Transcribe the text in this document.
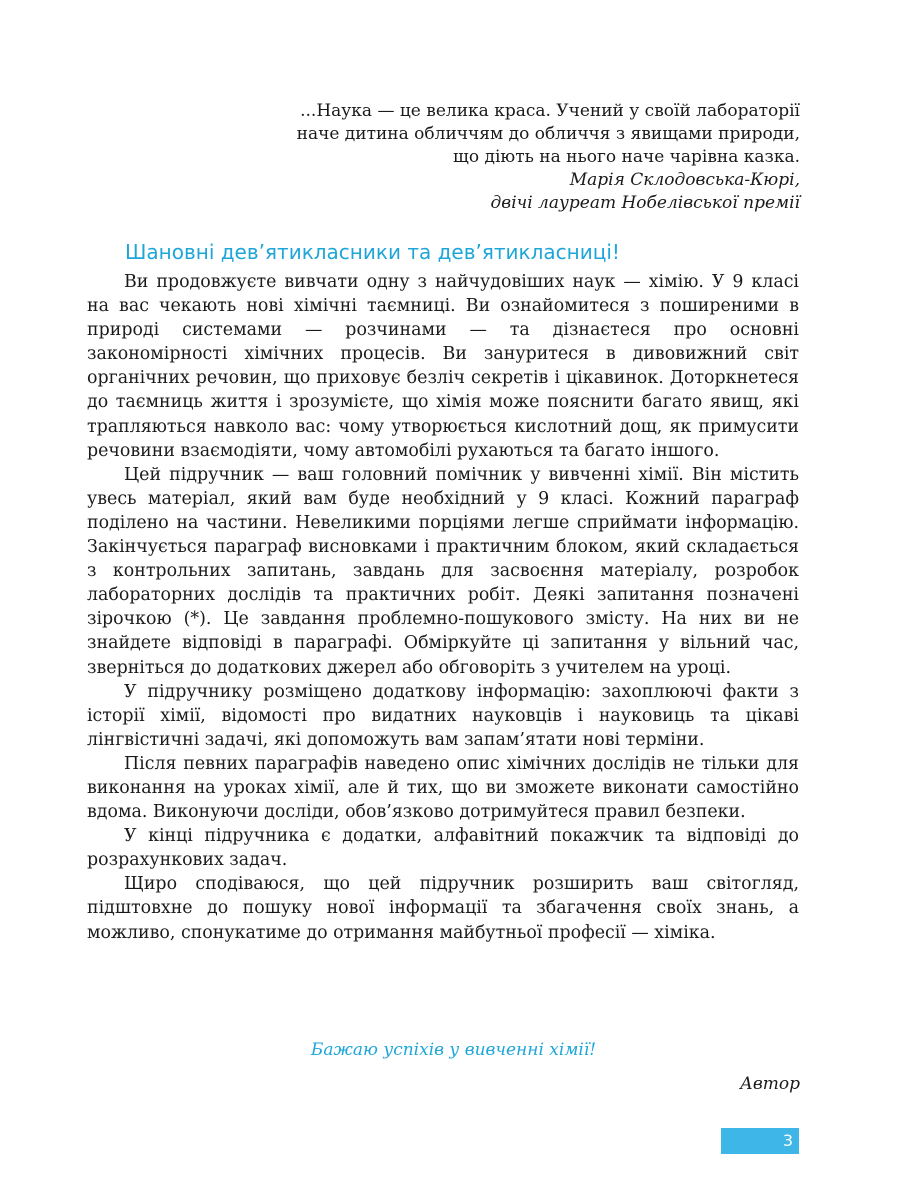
...Наука — це велика краса. Учений у своїй лабораторії
наче дитина обличчям до обличчя з явищами природи,
що діють на нього наче чарівна казка.
Марія Склодовська-Кюрі,
двічі лауреат Нобелівської премії
Шановні дев’ятикласники та дев’ятикласниці!

Ви продовжуєте вивчати одну з найчудовіших наук — хімію. У 9 класі на вас чекають нові хімічні таємниці. Ви ознайомитеся з поширеними в природі системами — розчинами — та дізнаєтеся про основні закономірності хімічних процесів. Ви зануритеся в дивовижний світ органічних речовин, що приховує безліч секретів і цікавинок. Доторкнетеся до таємниць життя і зрозумієте, що хімія може пояснити багато явищ, які трапляються навколо вас: чому утворюється кислотний дощ, як примусити речовини взаємодіяти, чому автомобілі рухаються та багато іншого.

Цей підручник — ваш головний помічник у вивченні хімії. Він містить увесь матеріал, який вам буде необхідний у 9 класі. Кожний параграф поділено на частини. Невеликими порціями легше сприймати інформацію. Закінчується параграф висновками і практичним блоком, який складається з контрольних запитань, завдань для засвоєння матеріалу, розробок лабораторних дослідів та практичних робіт. Деякі запитання позначені зірочкою (*). Це завдання проблемно-пошукового змісту. На них ви не знайдете відповіді в параграфі. Обміркуйте ці запитання у вільний час, зверніться до додаткових джерел або обговоріть з учителем на уроці.

У підручнику розміщено додаткову інформацію: захоплюючі факти з історії хімії, відомості про видатних науковців і науковиць та цікаві лінгвістичні задачі, які допоможуть вам запам’ятати нові терміни.

Після певних параграфів наведено опис хімічних дослідів не тільки для виконання на уроках хімії, але й тих, що ви зможете виконати самостійно вдома. Виконуючи досліди, обов’язково дотримуйтеся правил безпеки.

У кінці підручника є додатки, алфавітний покажчик та відповіді до розрахункових задач.

Щиро сподіваюся, що цей підручник розширить ваш світогляд, підштовхне до пошуку нової інформації та збагачення своїх знань, а можливо, спонукатиме до отримання майбутньої професії — хіміка.

Бажаю успіхів у вивченні хімії!
Автор
3
